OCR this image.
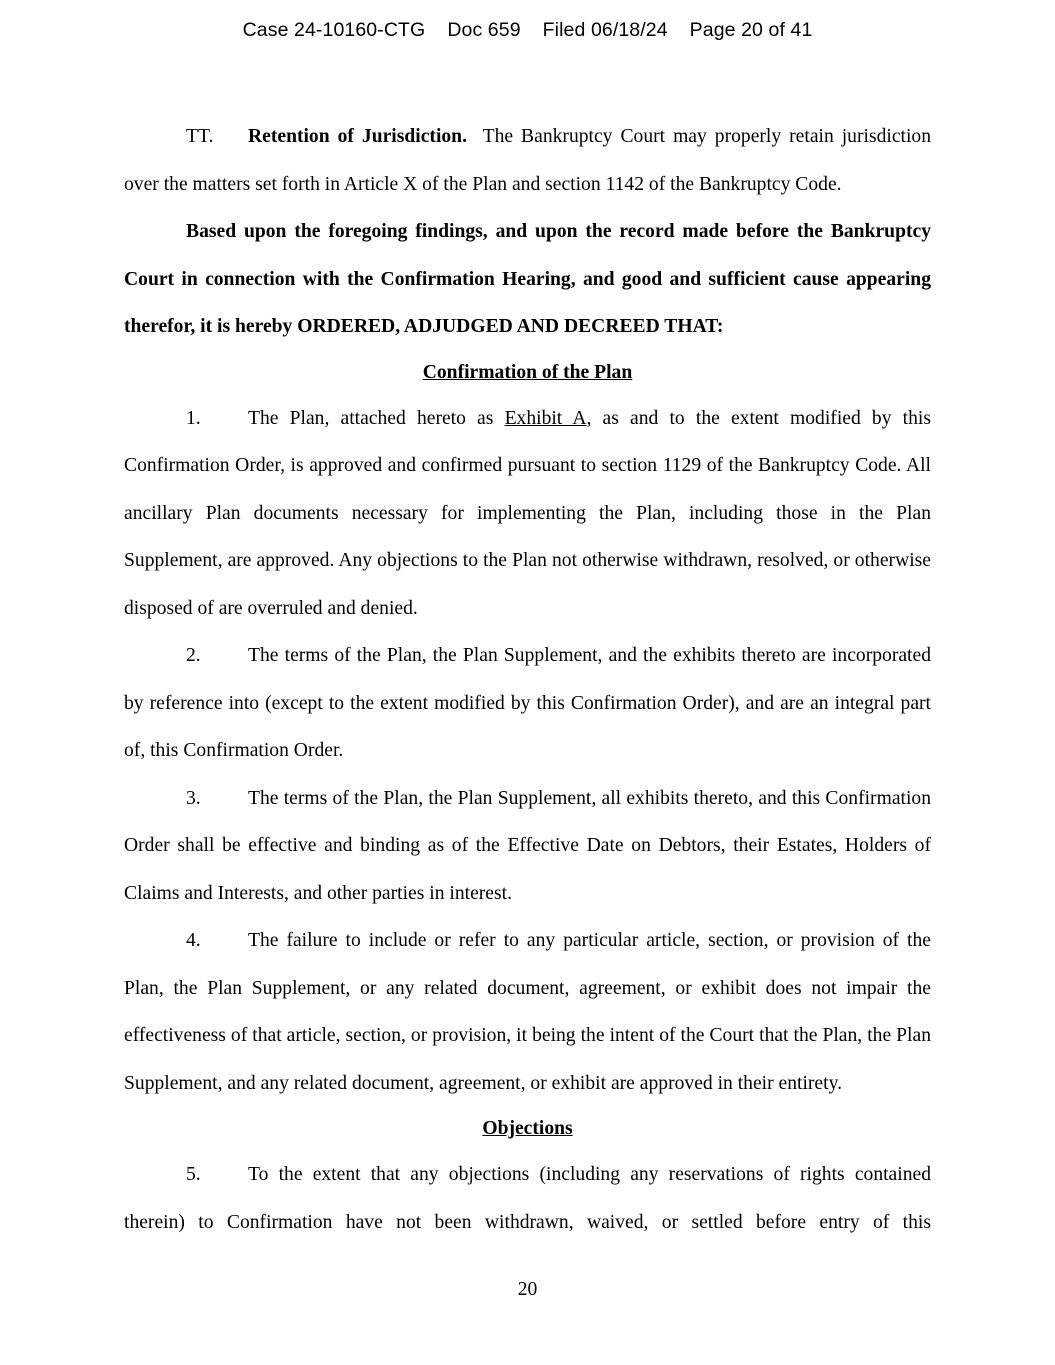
Case 24-10160-CTG Doc 659 Filed 06/18/24 Page 20 of 41

TT. Retention of Jurisdiction. The Bankruptcy Court may properly retain jurisdiction over the matters set forth in Article X of the Plan and section 1142 of the Bankruptcy Code.

Based upon the foregoing findings, and upon the record made before the Bankruptcy Court in connection with the Confirmation Hearing, and good and sufficient cause appearing therefor, it is hereby ORDERED, ADJUDGED AND DECREED THAT:

Confirmation of the Plan

1. The Plan, attached hereto as Exhibit A, as and to the extent modified by this Confirmation Order, is approved and confirmed pursuant to section 1129 of the Bankruptcy Code. All ancillary Plan documents necessary for implementing the Plan, including those in the Plan Supplement, are approved. Any objections to the Plan not otherwise withdrawn, resolved, or otherwise disposed of are overruled and denied.

2. The terms of the Plan, the Plan Supplement, and the exhibits thereto are incorporated by reference into (except to the extent modified by this Confirmation Order), and are an integral part of, this Confirmation Order.

3. The terms of the Plan, the Plan Supplement, all exhibits thereto, and this Confirmation Order shall be effective and binding as of the Effective Date on Debtors, their Estates, Holders of Claims and Interests, and other parties in interest.

4. The failure to include or refer to any particular article, section, or provision of the Plan, the Plan Supplement, or any related document, agreement, or exhibit does not impair the effectiveness of that article, section, or provision, it being the intent of the Court that the Plan, the Plan Supplement, and any related document, agreement, or exhibit are approved in their entirety.

Objections

5. To the extent that any objections (including any reservations of rights contained therein) to Confirmation have not been withdrawn, waived, or settled before entry of this

20
